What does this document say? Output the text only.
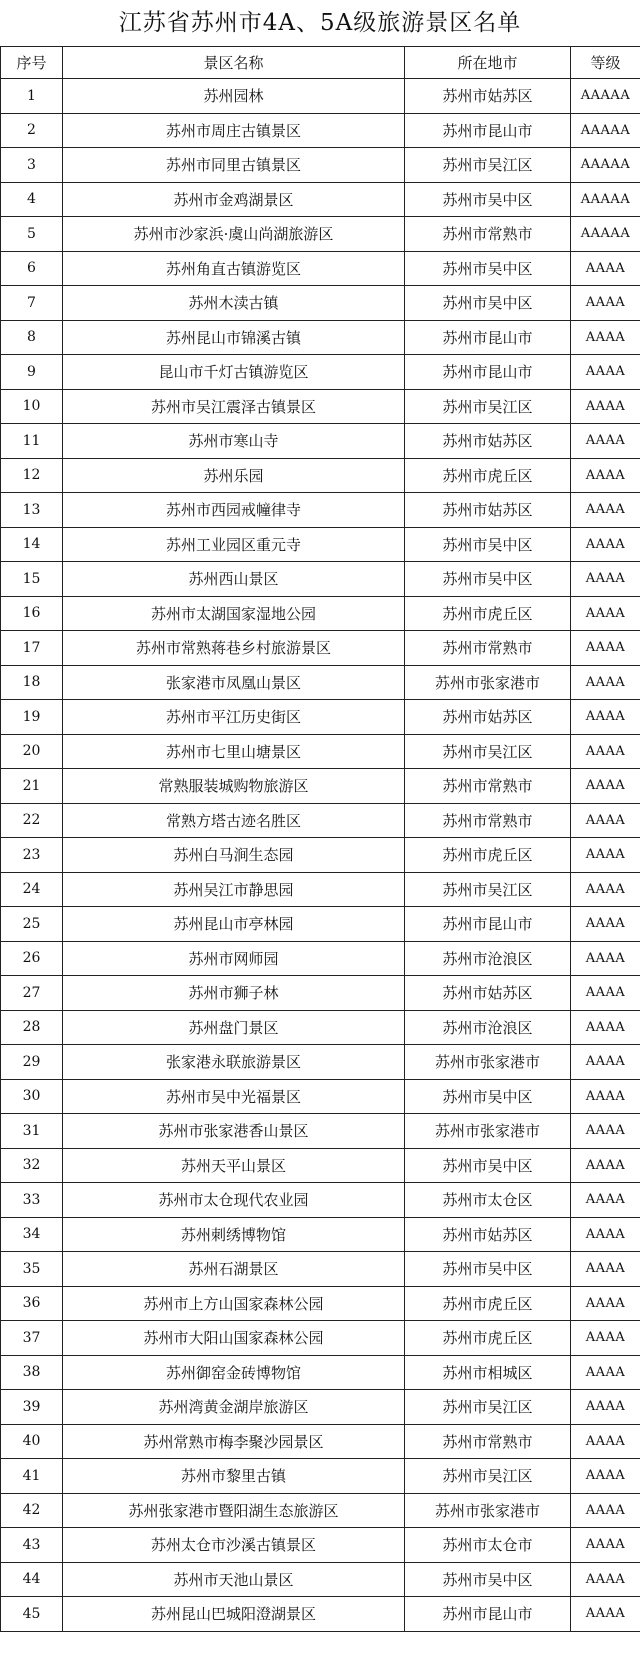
江苏省苏州市4A、5A级旅游景区名单
序号	景区名称	所在地市	等级
1	苏州园林	苏州市姑苏区	AAAAA
2	苏州市周庄古镇景区	苏州市昆山市	AAAAA
3	苏州市同里古镇景区	苏州市吴江区	AAAAA
4	苏州市金鸡湖景区	苏州市吴中区	AAAAA
5	苏州市沙家浜·虞山尚湖旅游区	苏州市常熟市	AAAAA
6	苏州角直古镇游览区	苏州市吴中区	AAAA
7	苏州木渎古镇	苏州市吴中区	AAAA
8	苏州昆山市锦溪古镇	苏州市昆山市	AAAA
9	昆山市千灯古镇游览区	苏州市昆山市	AAAA
10	苏州市吴江震泽古镇景区	苏州市吴江区	AAAA
11	苏州市寒山寺	苏州市姑苏区	AAAA
12	苏州乐园	苏州市虎丘区	AAAA
13	苏州市西园戒幢律寺	苏州市姑苏区	AAAA
14	苏州工业园区重元寺	苏州市吴中区	AAAA
15	苏州西山景区	苏州市吴中区	AAAA
16	苏州市太湖国家湿地公园	苏州市虎丘区	AAAA
17	苏州市常熟蒋巷乡村旅游景区	苏州市常熟市	AAAA
18	张家港市凤凰山景区	苏州市张家港市	AAAA
19	苏州市平江历史街区	苏州市姑苏区	AAAA
20	苏州市七里山塘景区	苏州市吴江区	AAAA
21	常熟服装城购物旅游区	苏州市常熟市	AAAA
22	常熟方塔古迹名胜区	苏州市常熟市	AAAA
23	苏州白马涧生态园	苏州市虎丘区	AAAA
24	苏州吴江市静思园	苏州市吴江区	AAAA
25	苏州昆山市亭林园	苏州市昆山市	AAAA
26	苏州市网师园	苏州市沧浪区	AAAA
27	苏州市狮子林	苏州市姑苏区	AAAA
28	苏州盘门景区	苏州市沧浪区	AAAA
29	张家港永联旅游景区	苏州市张家港市	AAAA
30	苏州市吴中光福景区	苏州市吴中区	AAAA
31	苏州市张家港香山景区	苏州市张家港市	AAAA
32	苏州天平山景区	苏州市吴中区	AAAA
33	苏州市太仓现代农业园	苏州市太仓区	AAAA
34	苏州刺绣博物馆	苏州市姑苏区	AAAA
35	苏州石湖景区	苏州市吴中区	AAAA
36	苏州市上方山国家森林公园	苏州市虎丘区	AAAA
37	苏州市大阳山国家森林公园	苏州市虎丘区	AAAA
38	苏州御窑金砖博物馆	苏州市相城区	AAAA
39	苏州湾黄金湖岸旅游区	苏州市吴江区	AAAA
40	苏州常熟市梅李聚沙园景区	苏州市常熟市	AAAA
41	苏州市黎里古镇	苏州市吴江区	AAAA
42	苏州张家港市暨阳湖生态旅游区	苏州市张家港市	AAAA
43	苏州太仓市沙溪古镇景区	苏州市太仓市	AAAA
44	苏州市天池山景区	苏州市吴中区	AAAA
45	苏州昆山巴城阳澄湖景区	苏州市昆山市	AAAA
